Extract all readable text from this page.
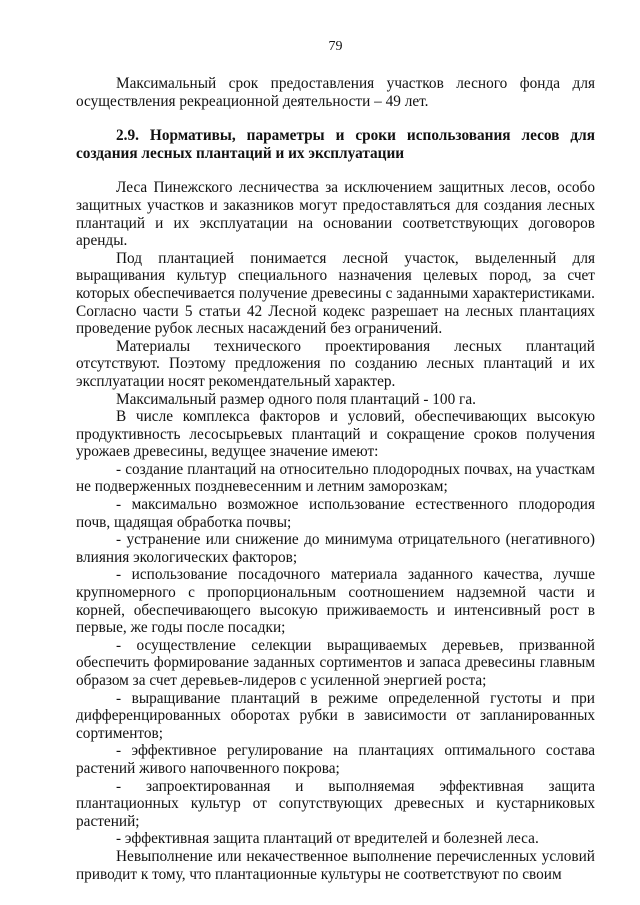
79

Максимальный срок предоставления участков лесного фонда для осуществления рекреационной деятельности – 49 лет.

2.9. Нормативы, параметры и сроки использования лесов для создания лесных плантаций и их эксплуатации

Леса Пинежского лесничества за исключением защитных лесов, особо защитных участков и заказников могут предоставляться для создания лесных плантаций и их эксплуатации на основании соответствующих договоров аренды.

Под плантацией понимается лесной участок, выделенный для выращивания культур специального назначения целевых пород, за счет которых обеспечивается получение древесины с заданными характеристиками. Согласно части 5 статьи 42 Лесной кодекс разрешает на лесных плантациях проведение рубок лесных насаждений без ограничений.

Материалы технического проектирования лесных плантаций отсутствуют. Поэтому предложения по созданию лесных плантаций и их эксплуатации носят рекомендательный характер.

Максимальный размер одного поля плантаций - 100 га.

В числе комплекса факторов и условий, обеспечивающих высокую продуктивность лесосырьевых плантаций и сокращение сроков получения урожаев древесины, ведущее значение имеют:

- создание плантаций на относительно плодородных почвах, на участкам не подверженных поздневесенним и летним заморозкам;

- максимально возможное использование естественного плодородия почв, щадящая обработка почвы;

- устранение или снижение до минимума отрицательного (негативного) влияния экологических факторов;

- использование посадочного материала заданного качества, лучше крупномерного с пропорциональным соотношением надземной части и корней, обеспечивающего высокую приживаемость и интенсивный рост в первые, же годы после посадки;

- осуществление селекции выращиваемых деревьев, призванной обеспечить формирование заданных сортиментов и запаса древесины главным образом за счет деревьев-лидеров с усиленной энергией роста;

- выращивание плантаций в режиме определенной густоты и при дифференцированных оборотах рубки в зависимости от запланированных сортиментов;

- эффективное регулирование на плантациях оптимального состава растений живого напочвенного покрова;

- запроектированная и выполняемая эффективная защита плантационных культур от сопутствующих древесных и кустарниковых растений;

- эффективная защита плантаций от вредителей и болезней леса.

Невыполнение или некачественное выполнение перечисленных условий приводит к тому, что плантационные культуры не соответствуют по своим
